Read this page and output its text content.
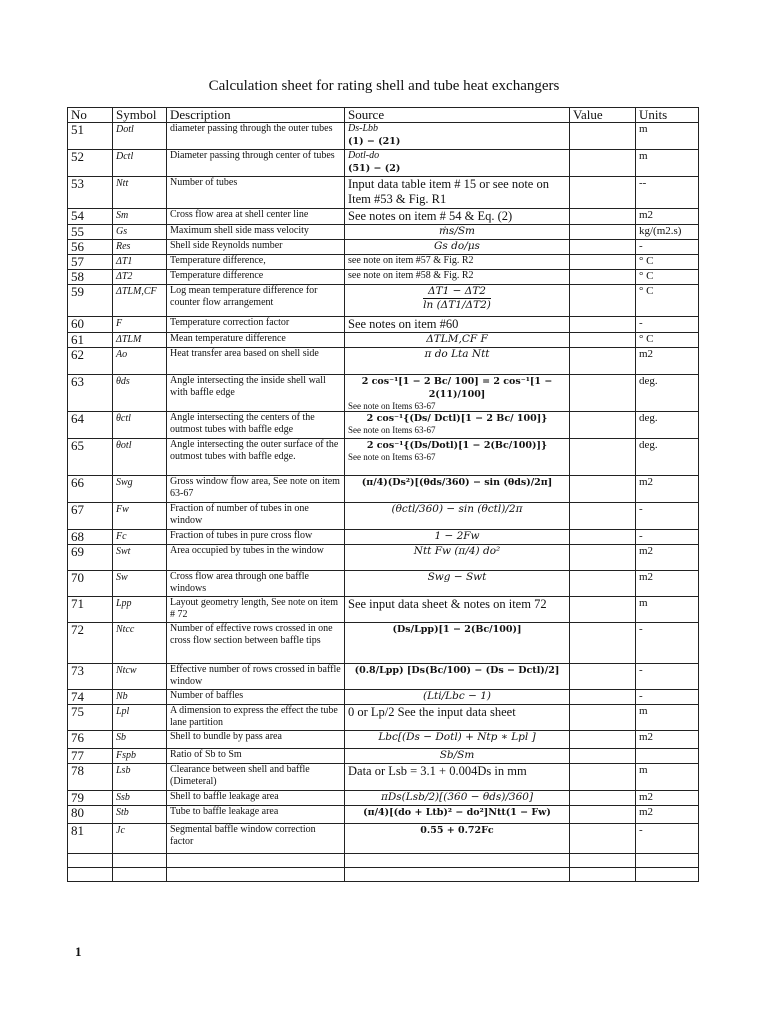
Calculation sheet for rating shell and tube heat exchangers
No	Symbol	Description	Source	Value	Units
51	Dotl	diameter passing through the outer tubes	Ds-Lbb
(1) − (21)		m
52	Dctl	Diameter passing through center of tubes	Dotl-do
(51) − (2)		m
53	Ntt	Number of tubes	Input data table item # 15 or see note on Item #53 & Fig. R1		--
54	Sm	Cross flow area at shell center line	See notes on item # 54 & Eq. (2)		m2
55	Gs	Maximum shell side mass velocity	ṁs/Sm		kg/(m2.s)
56	Res	Shell side Reynolds number	Gs do/μs		-
57	ΔT1	Temperature difference,	see note on item #57 & Fig. R2		° C
58	ΔT2	Temperature difference	see note on item #58 & Fig. R2		° C
59	ΔTLM,CF	Log mean temperature difference for counter flow arrangement	$\frac{\Delta T1 - \Delta T2}{\ln (\Delta T1/\Delta T2)}$		° C
60	F	Temperature correction factor	See notes on item #60		-
61	ΔTLM	Mean temperature difference	ΔTLM,CF F		° C
62	Ao	Heat transfer area based on shell side	π do Lta Ntt		m2
63	θds	Angle intersecting the inside shell wall with baffle edge	2 cos⁻¹[1 − 2 Bc/ 100] = 2 cos⁻¹[1 − 2(11)/100]
See note on Items 63-67		deg.
64	θctl	Angle intersecting the centers of the outmost tubes with baffle edge	2 cos⁻¹{(Ds/ Dctl)[1 − 2 Bc/ 100]}
See note on Items 63-67		deg.
65	θotl	Angle intersecting the outer surface of the outmost tubes with baffle edge.	2 cos⁻¹{(Ds/Dotl)[1 − 2(Bc/100)]}
See note on Items 63-67		deg.
66	Swg	Gross window flow area, See note on item 63-67	(π/4)(Ds²)[(θds/360) − sin (θds)/2π]		m2
67	Fw	Fraction of number of tubes in one window	(θctl/360) − sin (θctl)/2π		-
68	Fc	Fraction of tubes in pure cross flow	1 − 2Fw		-
69	Swt	Area occupied by tubes in the window	Ntt Fw (π/4) do²		m2
70	Sw	Cross flow area through one baffle windows	Swg − Swt		m2
71	Lpp	Layout geometry length, See note on item # 72	See input data sheet & notes on item 72		m
72	Ntcc	Number of effective rows crossed in one cross flow section between baffle tips	(Ds/Lpp)[1 − 2(Bc/100)]		-
73	Ntcw	Effective number of rows crossed in baffle window	(0.8/Lpp) [Ds(Bc/100) − (Ds − Dctl)/2]		-
74	Nb	Number of baffles	(Lti/Lbc − 1)		-
75	Lpl	A dimension to express the effect the tube lane partition	0 or Lp/2 See the input data sheet		m
76	Sb	Shell to bundle by pass area	Lbc[(Ds − Dotl) + Ntp ∗ Lpl ]		m2
77	Fspb	Ratio of Sb to Sm	Sb/Sm		

78	Lsb	Clearance between shell and baffle (Dimeteral)	Data or Lsb = 3.1 + 0.004Ds in mm		m
79	Ssb	Shell to baffle leakage area	πDs(Lsb/2)[(360 − θds)/360]		m2
80	Stb	Tube to baffle leakage area	(π/4)[(do + Ltb)² − do²]Ntt(1 − Fw)		m2
81	Jc	Segmental baffle window correction factor	0.55 + 0.72Fc		-

1
